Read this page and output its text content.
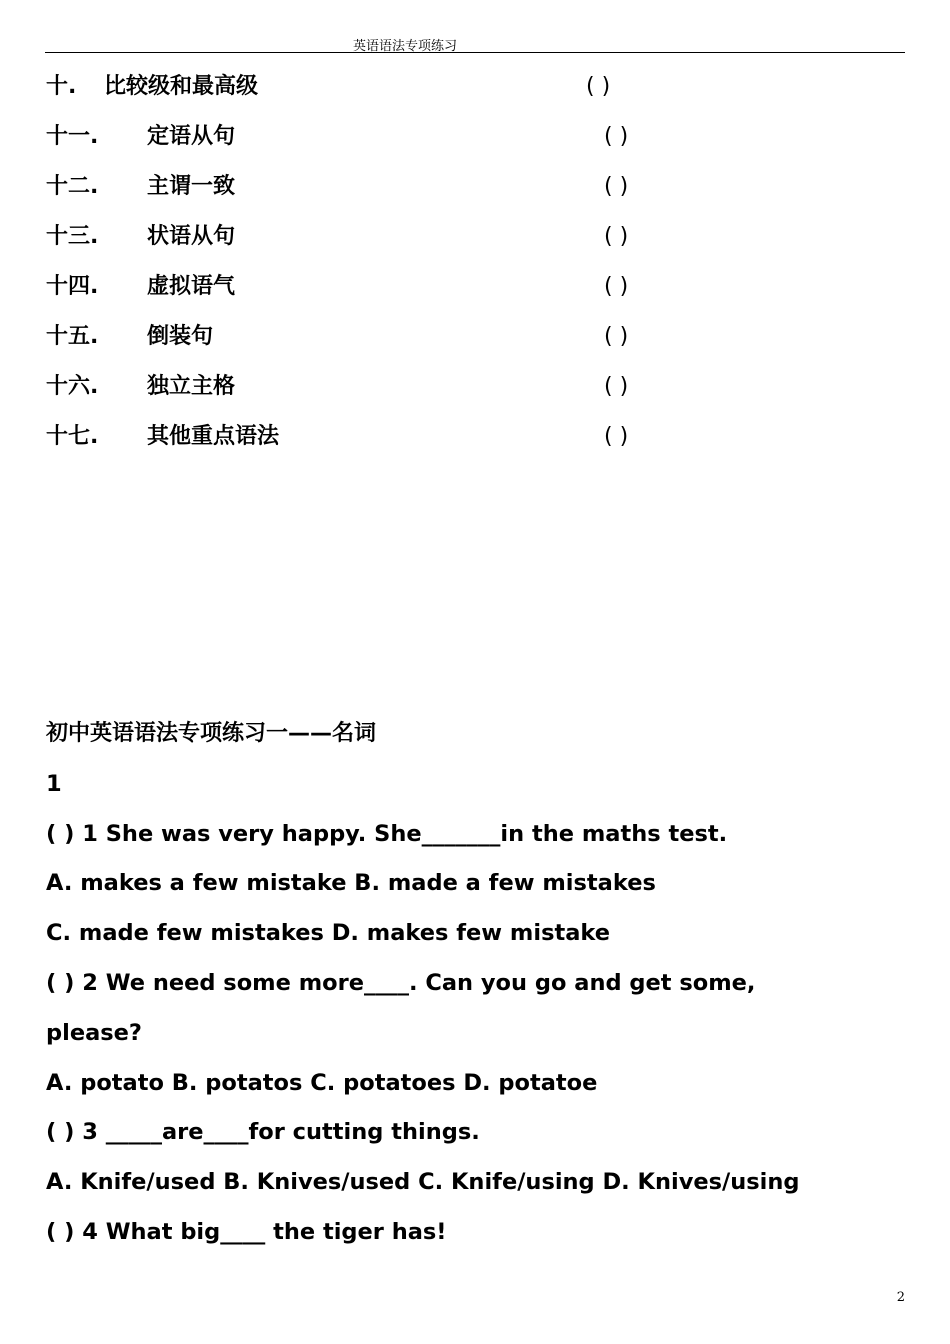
英语语法专项练习
十. 比较级和最高级	( )
十一. 定语从句	( )
十二. 主谓一致	( )
十三. 状语从句	( )
十四. 虚拟语气	( )
十五. 倒装句	( )
十六. 独立主格	( )
十七. 其他重点语法	( )
初中英语语法专项练习一——名词
1
( ) 1 She was very happy. She_______in the maths test.
A. makes a few mistake B. made a few mistakes
C. made few mistakes D. makes few mistake
( ) 2 We need some more____. Can you go and get some,
please?
A. potato B. potatos C. potatoes D. potatoe
( ) 3 _____are____for cutting things.
A. Knife/used B. Knives/used C. Knife/using D. Knives/using
( ) 4 What big____ the tiger has!
2
